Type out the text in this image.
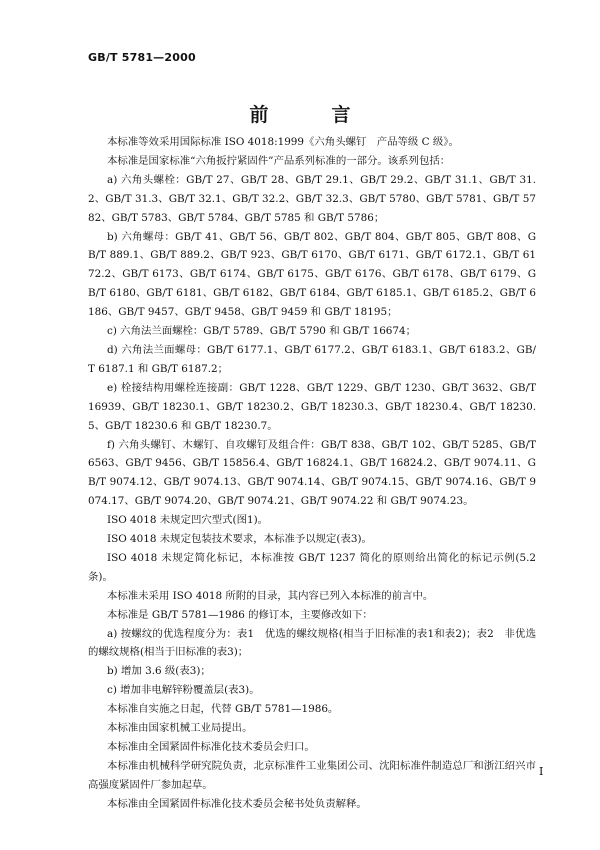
GB/T 5781—2000
前　言

本标准等效采用国际标准 ISO 4018:1999《六角头螺钉　产品等级 C 级》。

本标准是国家标准“六角扳拧紧固件”产品系列标准的一部分。该系列包括：

a) 六角头螺栓：GB/T 27、GB/T 28、GB/T 29.1、GB/T 29.2、GB/T 31.1、GB/T 31.2、GB/T 31.3、GB/T 32.1、GB/T 32.2、GB/T 32.3、GB/T 5780、GB/T 5781、GB/T 5782、GB/T 5783、GB/T 5784、GB/T 5785 和 GB/T 5786；

b) 六角螺母：GB/T 41、GB/T 56、GB/T 802、GB/T 804、GB/T 805、GB/T 808、GB/T 889.1、GB/T 889.2、GB/T 923、GB/T 6170、GB/T 6171、GB/T 6172.1、GB/T 6172.2、GB/T 6173、GB/T 6174、GB/T 6175、GB/T 6176、GB/T 6178、GB/T 6179、GB/T 6180、GB/T 6181、GB/T 6182、GB/T 6184、GB/T 6185.1、GB/T 6185.2、GB/T 6186、GB/T 9457、GB/T 9458、GB/T 9459 和 GB/T 18195；

c) 六角法兰面螺栓：GB/T 5789、GB/T 5790 和 GB/T 16674；

d) 六角法兰面螺母：GB/T 6177.1、GB/T 6177.2、GB/T 6183.1、GB/T 6183.2、GB/T 6187.1 和 GB/T 6187.2；

e) 栓接结构用螺栓连接副：GB/T 1228、GB/T 1229、GB/T 1230、GB/T 3632、GB/T 16939、GB/T 18230.1、GB/T 18230.2、GB/T 18230.3、GB/T 18230.4、GB/T 18230.5、GB/T 18230.6 和 GB/T 18230.7。

f) 六角头螺钉、木螺钉、自攻螺钉及组合件：GB/T 838、GB/T 102、GB/T 5285、GB/T 6563、GB/T 9456、GB/T 15856.4、GB/T 16824.1、GB/T 16824.2、GB/T 9074.11、GB/T 9074.12、GB/T 9074.13、GB/T 9074.14、GB/T 9074.15、GB/T 9074.16、GB/T 9074.17、GB/T 9074.20、GB/T 9074.21、GB/T 9074.22 和 GB/T 9074.23。

ISO 4018 未规定凹穴型式(图1)。

ISO 4018 未规定包装技术要求，本标准予以规定(表3)。

ISO 4018 未规定简化标记，本标准按 GB/T 1237 简化的原则给出简化的标记示例(5.2条)。

本标准未采用 ISO 4018 所附的目录，其内容已列入本标准的前言中。

本标准是 GB/T 5781—1986 的修订本，主要修改如下：

a) 按螺纹的优选程度分为：表1　优选的螺纹规格(相当于旧标准的表1和表2)；表2　非优选的螺纹规格(相当于旧标准的表3)；

b) 增加 3.6 级(表3)；

c) 增加非电解锌粉覆盖层(表3)。

本标准自实施之日起，代替 GB/T 5781—1986。

本标准由国家机械工业局提出。

本标准由全国紧固件标准化技术委员会归口。

本标准由机械科学研究院负责，北京标准件工业集团公司、沈阳标准件制造总厂和浙江绍兴市高强度紧固件厂参加起草。

本标准由全国紧固件标准化技术委员会秘书处负责解释。

I
